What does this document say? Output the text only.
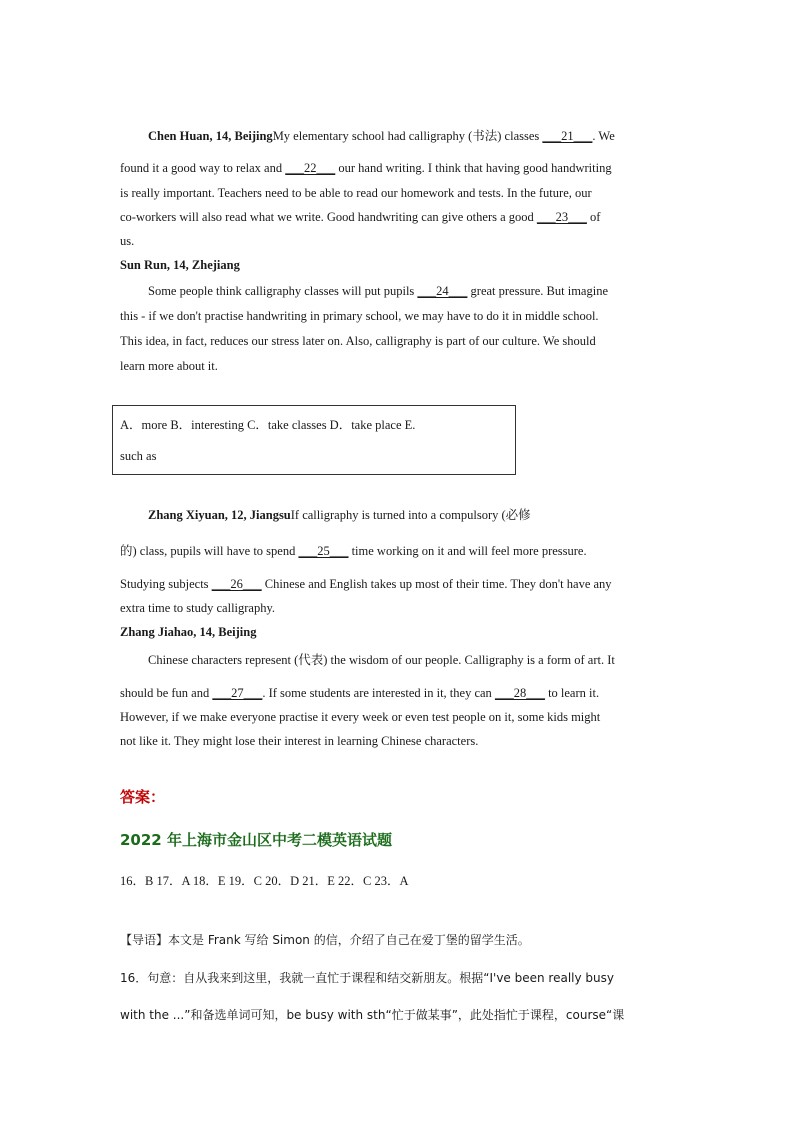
Chen Huan, 14, BeijingMy elementary school had calligraphy (书法) classes ___21___. We
found it a good way to relax and ___22___ our hand writing. I think that having good handwriting
is really important. Teachers need to be able to read our homework and tests. In the future, our
co-workers will also read what we write. Good handwriting can give others a good ___23___ of
us.
Sun Run, 14, Zhejiang
Some people think calligraphy classes will put pupils ___24___ great pressure. But imagine
this - if we don't practise handwriting in primary school, we may have to do it in middle school.
This idea, in fact, reduces our stress later on. Also, calligraphy is part of our culture. We should
learn more about it.
A．more B．interesting C．take classes D．take place E.
such as
Zhang Xiyuan, 12, JiangsuIf calligraphy is turned into a compulsory (必修
的) class, pupils will have to spend ___25___ time working on it and will feel more pressure.
Studying subjects ___26___ Chinese and English takes up most of their time. They don't have any
extra time to study calligraphy.
Zhang Jiahao, 14, Beijing
Chinese characters represent (代表) the wisdom of our people. Calligraphy is a form of art. It
should be fun and ___27___. If some students are interested in it, they can ___28___ to learn it.
However, if we make everyone practise it every week or even test people on it, some kids might
not like it. They might lose their interest in learning Chinese characters.
答案：
2022 年上海市金山区中考二模英语试题
16．B 17．A 18．E 19．C 20．D 21．E 22．C 23．A
【导语】本文是 Frank 写给 Simon 的信，介绍了自己在爱丁堡的留学生活。
16．句意：自从我来到这里，我就一直忙于课程和结交新朋友。根据“I've been really busy
with the ...”和备选单词可知，be busy with sth“忙于做某事”，此处指忙于课程，course“课
